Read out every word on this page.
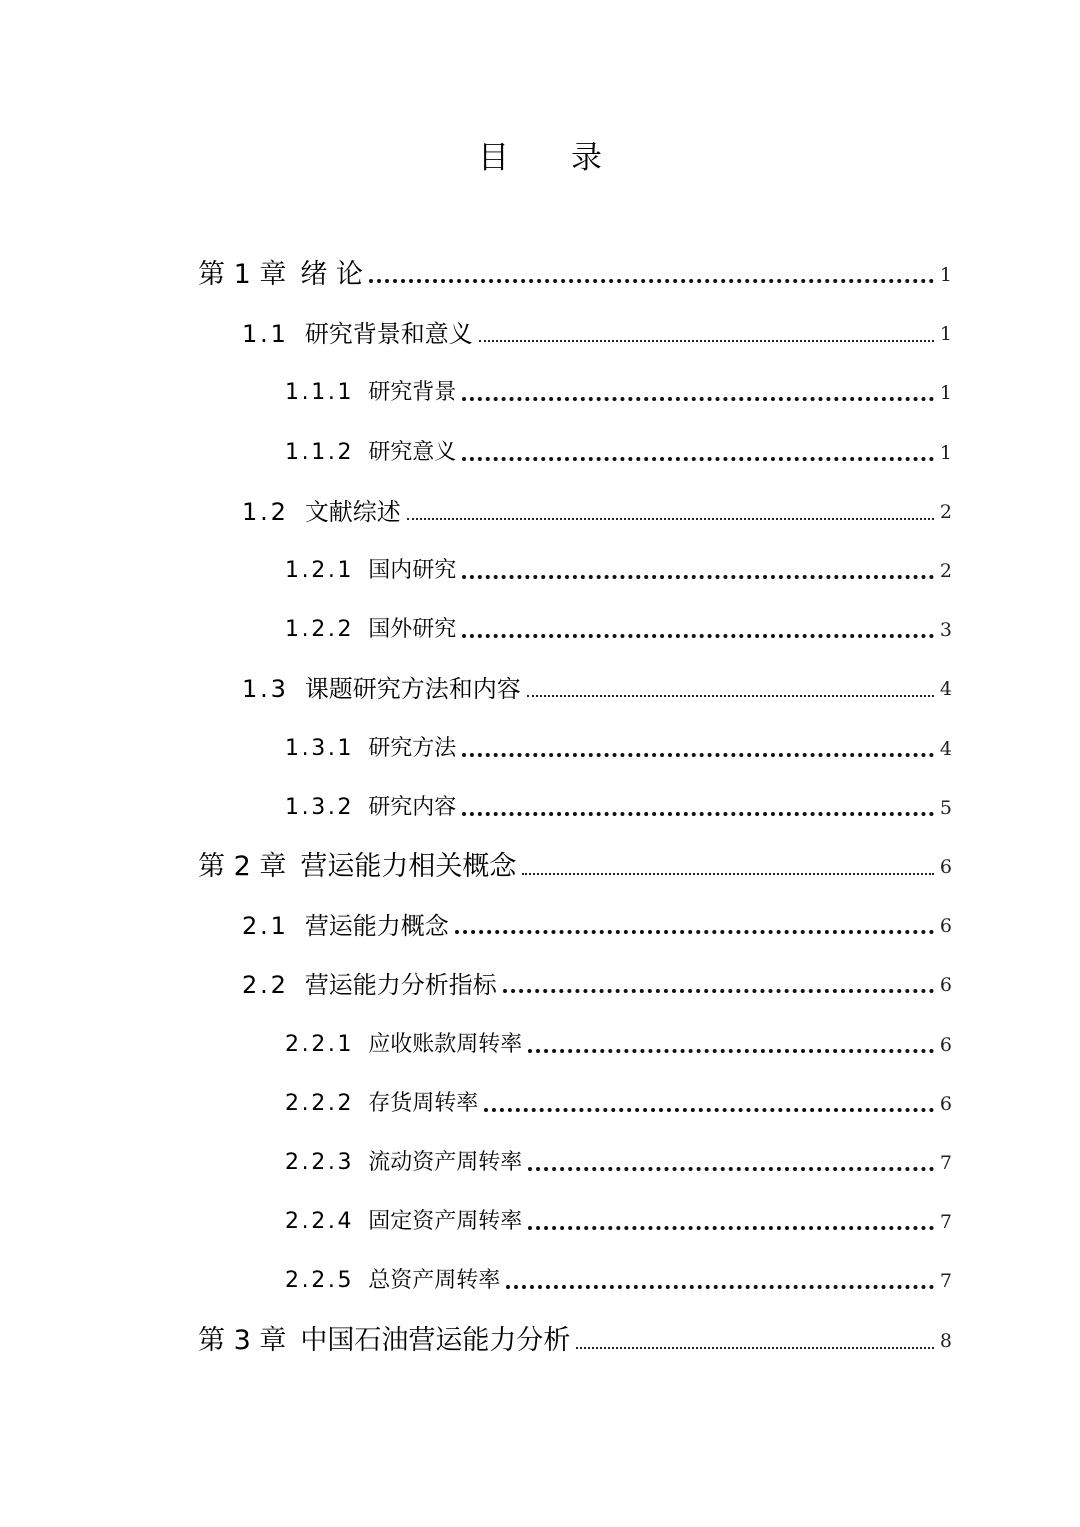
目　录
第 1 章 绪 论	1
1.1 研究背景和意义	1
1.1.1 研究背景	1
1.1.2 研究意义	1
1.2 文献综述	2
1.2.1 国内研究	2
1.2.2 国外研究	3
1.3 课题研究方法和内容	4
1.3.1 研究方法	4
1.3.2 研究内容	5
第 2 章 营运能力相关概念	6
2.1 营运能力概念	6
2.2 营运能力分析指标	6
2.2.1 应收账款周转率	6
2.2.2 存货周转率	6
2.2.3 流动资产周转率	7
2.2.4 固定资产周转率	7
2.2.5 总资产周转率	7
第 3 章 中国石油营运能力分析	8
